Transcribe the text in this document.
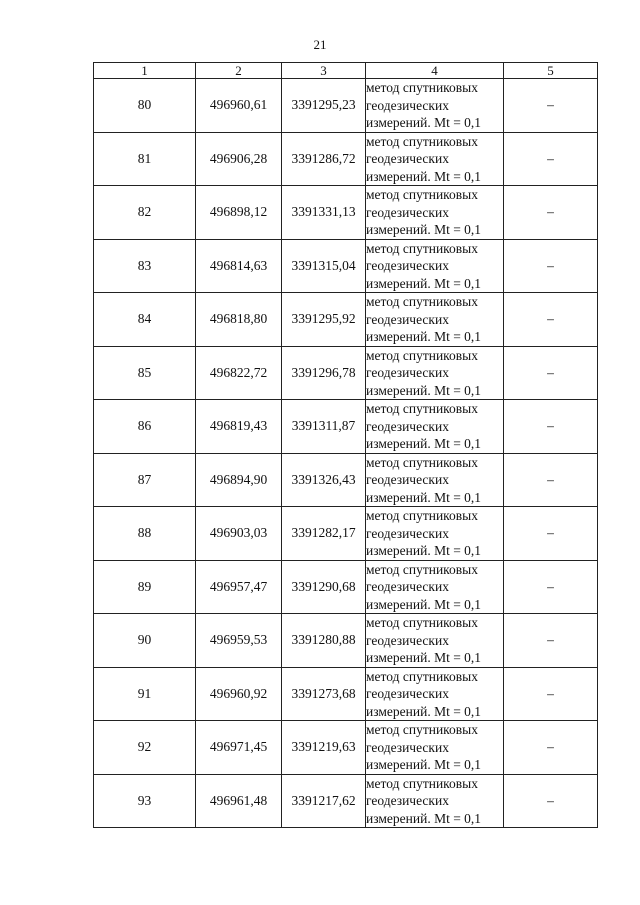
21
1	2	3	4	5
80	496960,61	3391295,23	метод спутниковых
геодезических
измерений. Mt = 0,1	–
81	496906,28	3391286,72	метод спутниковых
геодезических
измерений. Mt = 0,1	–
82	496898,12	3391331,13	метод спутниковых
геодезических
измерений. Mt = 0,1	–
83	496814,63	3391315,04	метод спутниковых
геодезических
измерений. Mt = 0,1	–
84	496818,80	3391295,92	метод спутниковых
геодезических
измерений. Mt = 0,1	–
85	496822,72	3391296,78	метод спутниковых
геодезических
измерений. Mt = 0,1	–
86	496819,43	3391311,87	метод спутниковых
геодезических
измерений. Mt = 0,1	–
87	496894,90	3391326,43	метод спутниковых
геодезических
измерений. Mt = 0,1	–
88	496903,03	3391282,17	метод спутниковых
геодезических
измерений. Mt = 0,1	–
89	496957,47	3391290,68	метод спутниковых
геодезических
измерений. Mt = 0,1	–
90	496959,53	3391280,88	метод спутниковых
геодезических
измерений. Mt = 0,1	–
91	496960,92	3391273,68	метод спутниковых
геодезических
измерений. Mt = 0,1	–
92	496971,45	3391219,63	метод спутниковых
геодезических
измерений. Mt = 0,1	–
93	496961,48	3391217,62	метод спутниковых
геодезических
измерений. Mt = 0,1	–
